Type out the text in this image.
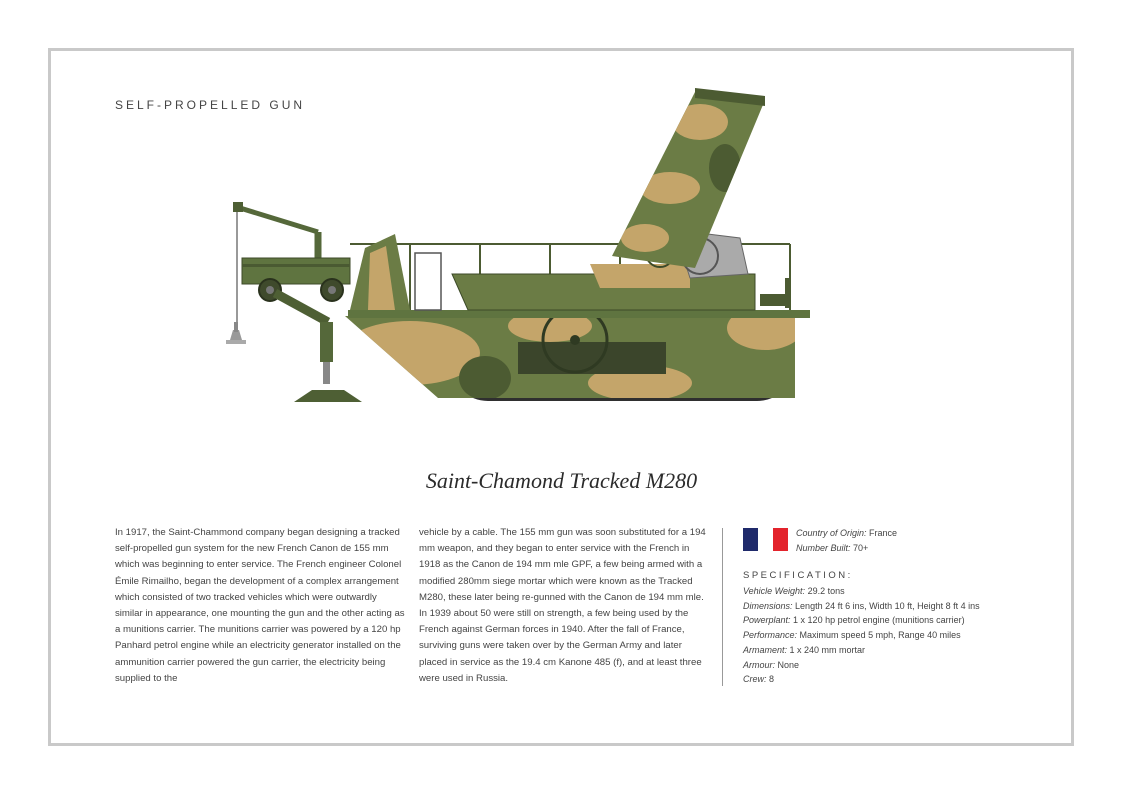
SELF-PROPELLED GUN
Saint-Chamond Tracked M280
In 1917, the Saint-Chammond company began designing a tracked self-propelled gun system for the new French Canon de 155 mm which was beginning to enter service. The French engineer Colonel Émile Rimailho, began the development of a complex arrangement which consisted of two tracked vehicles which were outwardly similar in appearance, one mounting the gun and the other acting as a munitions carrier. The munitions carrier was powered by a 120 hp Panhard petrol engine while an electricity generator installed on the ammunition carrier powered the gun carrier, the electricity being supplied to the
vehicle by a cable. The 155 mm gun was soon substituted for a 194 mm weapon, and they began to enter service with the French in 1918 as the Canon de 194 mm mle GPF, a few being armed with a modified 280mm siege mortar which were known as the Tracked M280, these later being re-gunned with the Canon de 194 mm mle. In 1939 about 50 were still on strength, a few being used by the French against German forces in 1940. After the fall of France, surviving guns were taken over by the German Army and later placed in service as the 19.4 cm Kanone 485 (f), and at least three were used in Russia.
Country of Origin: France
Number Built: 70+
SPECIFICATION:
Vehicle Weight: 29.2 tons
Dimensions: Length 24 ft 6 ins, Width 10 ft, Height 8 ft 4 ins
Powerplant: 1 x 120 hp petrol engine (munitions carrier)
Performance: Maximum speed 5 mph, Range 40 miles
Armament: 1 x 240 mm mortar
Armour: None
Crew: 8
